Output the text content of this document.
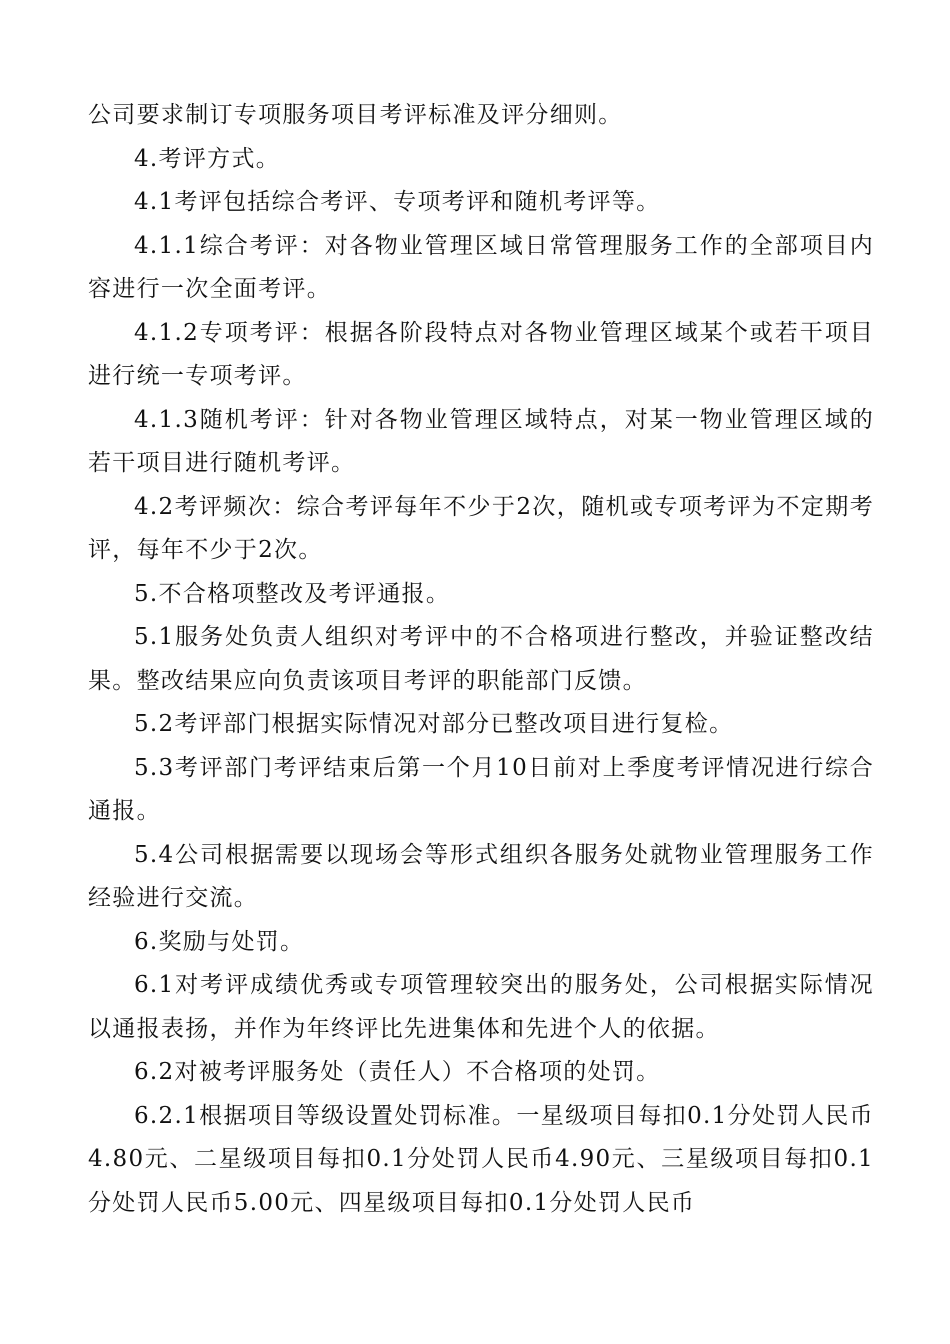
公司要求制订专项服务项目考评标准及评分细则。

4.考评方式。

4.1考评包括综合考评、专项考评和随机考评等。

4.1.1综合考评：对各物业管理区域日常管理服务工作的全部项目内容进行一次全面考评。

4.1.2专项考评：根据各阶段特点对各物业管理区域某个或若干项目进行统一专项考评。

4.1.3随机考评：针对各物业管理区域特点，对某一物业管理区域的若干项目进行随机考评。

4.2考评频次：综合考评每年不少于2次，随机或专项考评为不定期考评，每年不少于2次。

5.不合格项整改及考评通报。

5.1服务处负责人组织对考评中的不合格项进行整改，并验证整改结果。整改结果应向负责该项目考评的职能部门反馈。

5.2考评部门根据实际情况对部分已整改项目进行复检。

5.3考评部门考评结束后第一个月10日前对上季度考评情况进行综合通报。

5.4公司根据需要以现场会等形式组织各服务处就物业管理服务工作经验进行交流。

6.奖励与处罚。

6.1对考评成绩优秀或专项管理较突出的服务处，公司根据实际情况以通报表扬，并作为年终评比先进集体和先进个人的依据。

6.2对被考评服务处（责任人）不合格项的处罚。

6.2.1根据项目等级设置处罚标准。一星级项目每扣0.1分处罚人民币4.80元、二星级项目每扣0.1分处罚人民币4.90元、三星级项目每扣0.1分处罚人民币5.00元、四星级项目每扣0.1分处罚人民币
